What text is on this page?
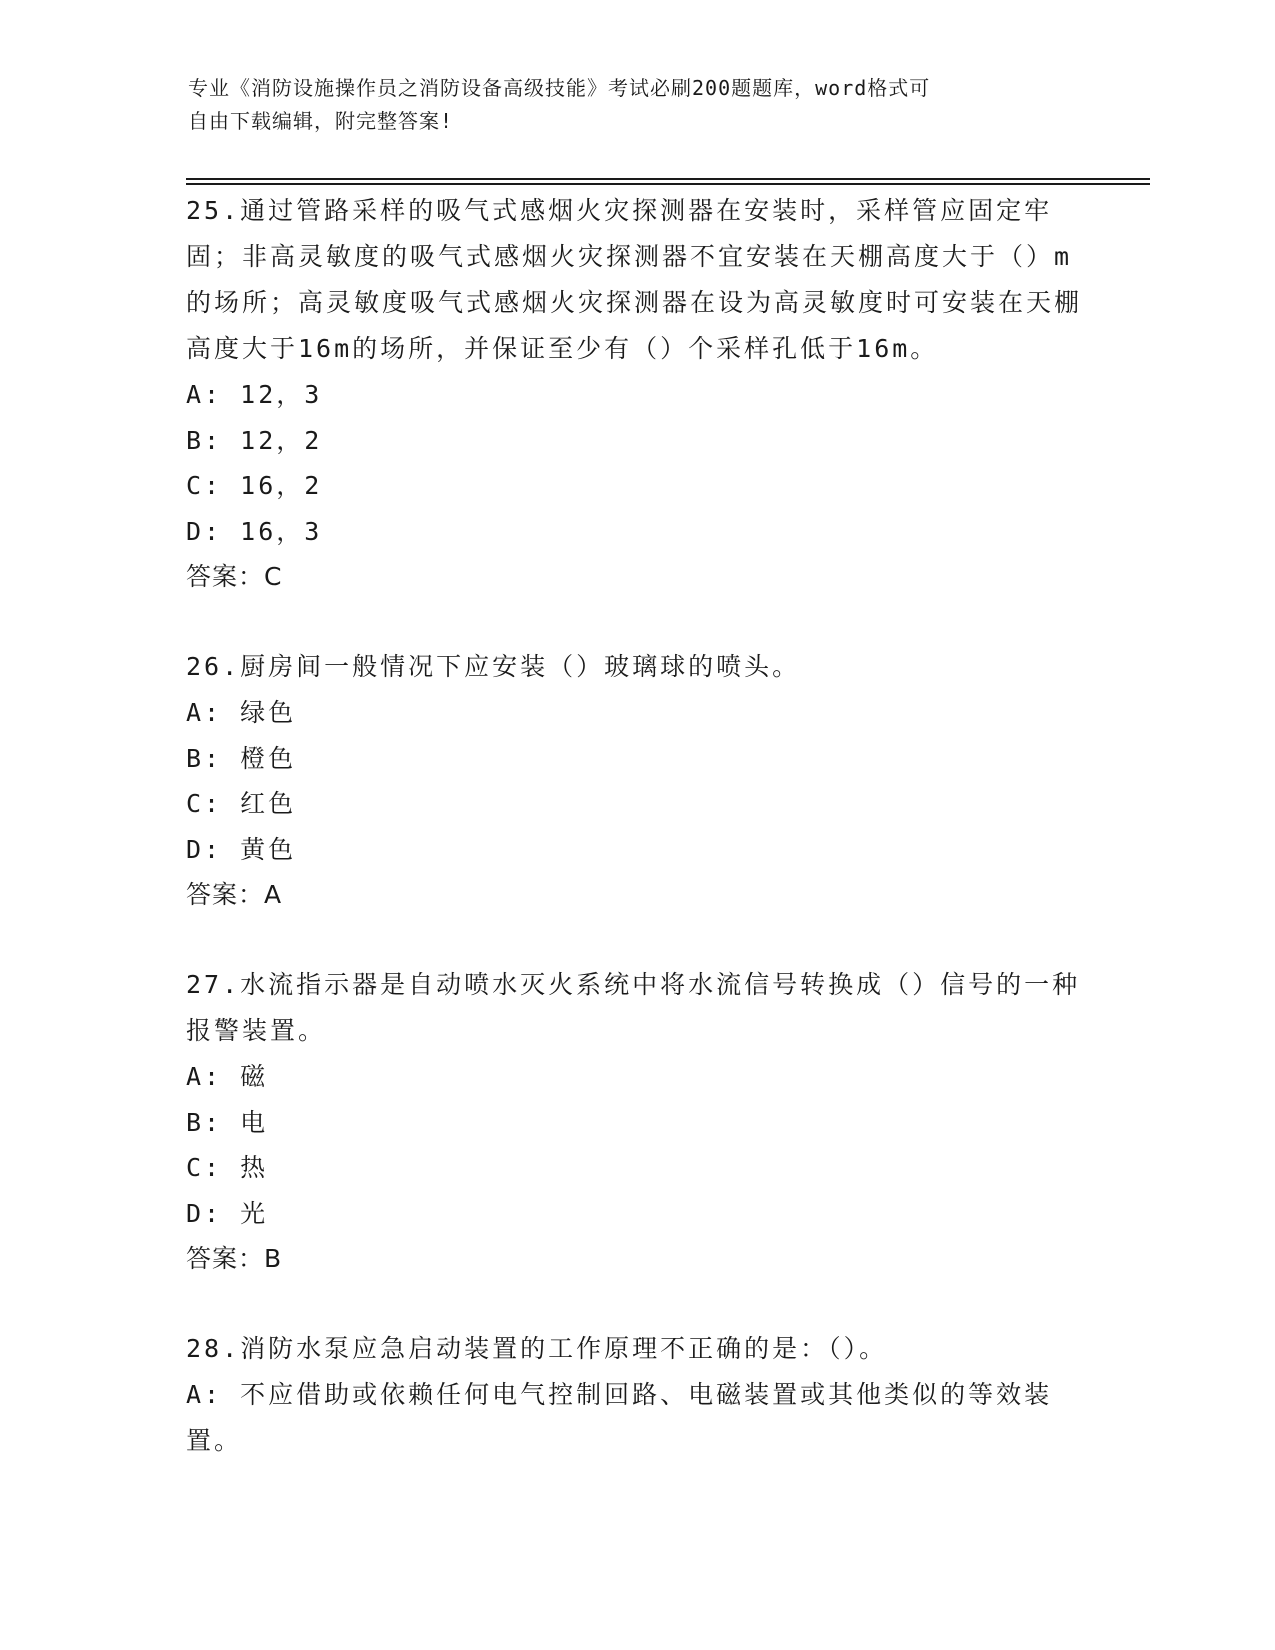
专业《消防设施操作员之消防设备高级技能》考试必刷200题题库，word格式可
自由下载编辑，附完整答案!

25.通过管路采样的吸气式感烟火灾探测器在安装时，采样管应固定牢固；非高灵敏度的吸气式感烟火灾探测器不宜安装在天棚高度大于（）m的场所；高灵敏度吸气式感烟火灾探测器在设为高灵敏度时可安装在天棚高度大于16m的场所，并保证至少有（）个采样孔低于16m。

A: 12，3

B: 12，2

C: 16，2

D: 16，3

答案：C

26.厨房间一般情况下应安装（）玻璃球的喷头。

A: 绿色

B: 橙色

C: 红色

D: 黄色

答案：A

27.水流指示器是自动喷水灭火系统中将水流信号转换成（）信号的一种报警装置。

A: 磁

B: 电

C: 热

D: 光

答案：B

28.消防水泵应急启动装置的工作原理不正确的是：（）。

A: 不应借助或依赖任何电气控制回路、电磁装置或其他类似的等效装置。
